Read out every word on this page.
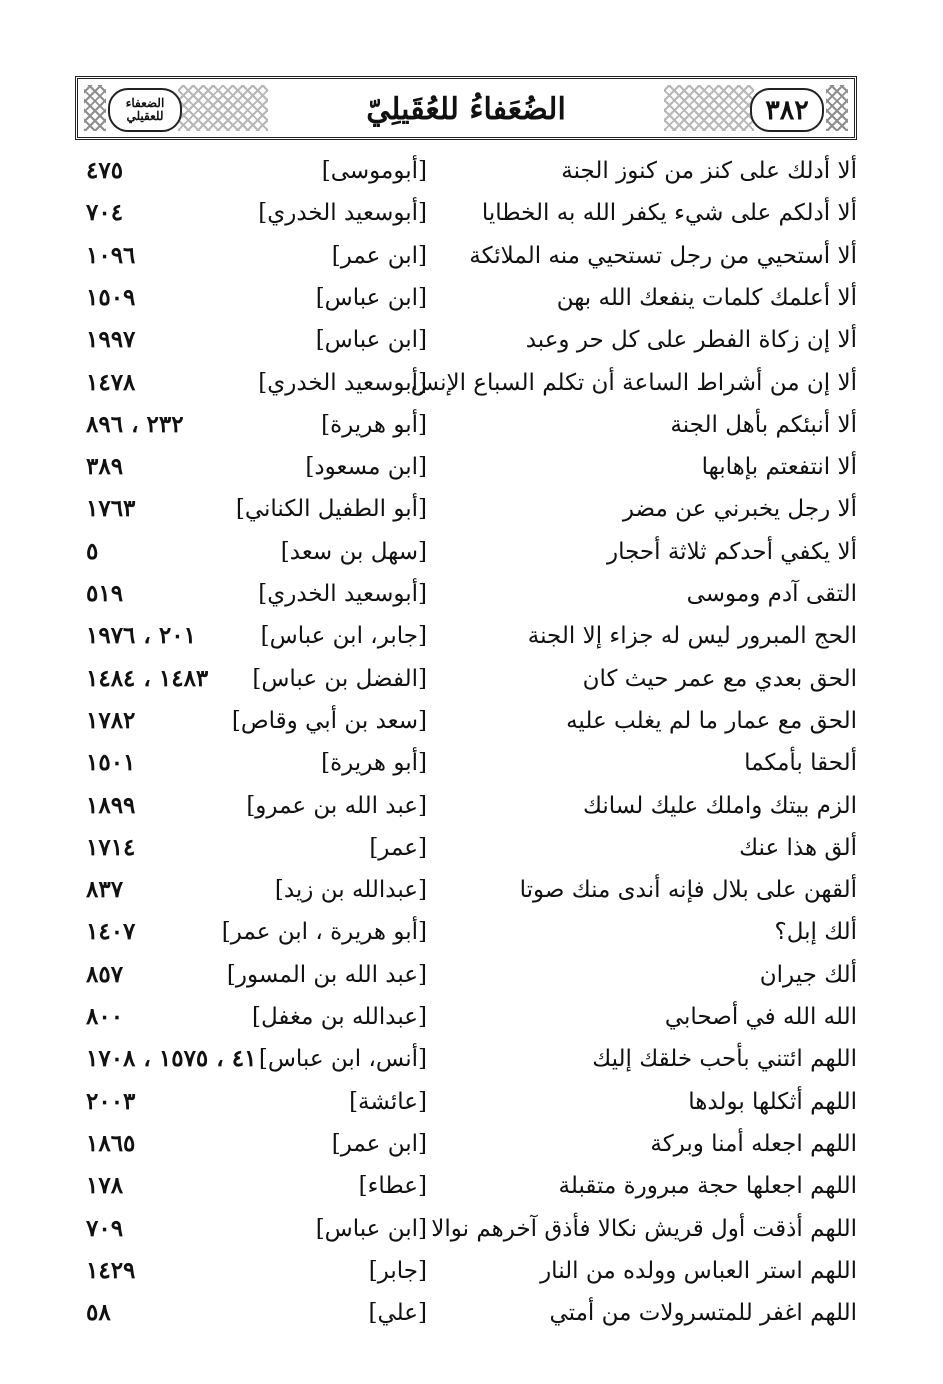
٣٨٢
الضُعَفاءُ للعُقَيلِيّ
الضعفاء
للعقيلي
ألا أدلك على كنز من كنوز الجنة
[أبوموسى]
٤٧٥
ألا أدلكم على شيء يكفر الله به الخطايا
[أبوسعيد الخدري]
٧٠٤
ألا أستحيي من رجل تستحيي منه الملائكة
[ابن عمر]
١٠٩٦
ألا أعلمك كلمات ينفعك الله بهن
[ابن عباس]
١٥٠٩
ألا إن زكاة الفطر على كل حر وعبد
[ابن عباس]
١٩٩٧
ألا إن من أشراط الساعة أن تكلم السباع الإنس
[أبوسعيد الخدري]
١٤٧٨
ألا أنبئكم بأهل الجنة
[أبو هريرة]
٢٣٢ ، ٨٩٦
ألا انتفعتم بإهابها
[ابن مسعود]
٣٨٩
ألا رجل يخبرني عن مضر
[أبو الطفيل الكناني]
١٧٦٣
ألا يكفي أحدكم ثلاثة أحجار
[سهل بن سعد]
٥
التقى آدم وموسى
[أبوسعيد الخدري]
٥١٩
الحج المبرور ليس له جزاء إلا الجنة
[جابر، ابن عباس]
٢٠١ ، ١٩٧٦
الحق بعدي مع عمر حيث كان
[الفضل بن عباس]
١٤٨٣ ، ١٤٨٤
الحق مع عمار ما لم يغلب عليه
[سعد بن أبي وقاص]
١٧٨٢
ألحقا بأمكما
[أبو هريرة]
١٥٠١
الزم بيتك واملك عليك لسانك
[عبد الله بن عمرو]
١٨٩٩
ألق هذا عنك
[عمر]
١٧١٤
ألقهن على بلال فإنه أندى منك صوتا
[عبدالله بن زيد]
٨٣٧
ألك إبل؟
[أبو هريرة ، ابن عمر]
١٤٠٧
ألك جيران
[عبد الله بن المسور]
٨٥٧
الله الله في أصحابي
[عبدالله بن مغفل]
٨٠٠
اللهم ائتني بأحب خلقك إليك
[أنس، ابن عباس]
٤١ ، ١٥٧٥ ، ١٧٠٨
اللهم أثكلها بولدها
[عائشة]
٢٠٠٣
اللهم اجعله أمنا وبركة
[ابن عمر]
١٨٦٥
اللهم اجعلها حجة مبرورة متقبلة
[عطاء]
١٧٨
اللهم أذقت أول قريش نكالا فأذق آخرهم نوالا
[ابن عباس]
٧٠٩
اللهم استر العباس وولده من النار
[جابر]
١٤٢٩
اللهم اغفر للمتسرولات من أمتي
[علي]
٥٨
